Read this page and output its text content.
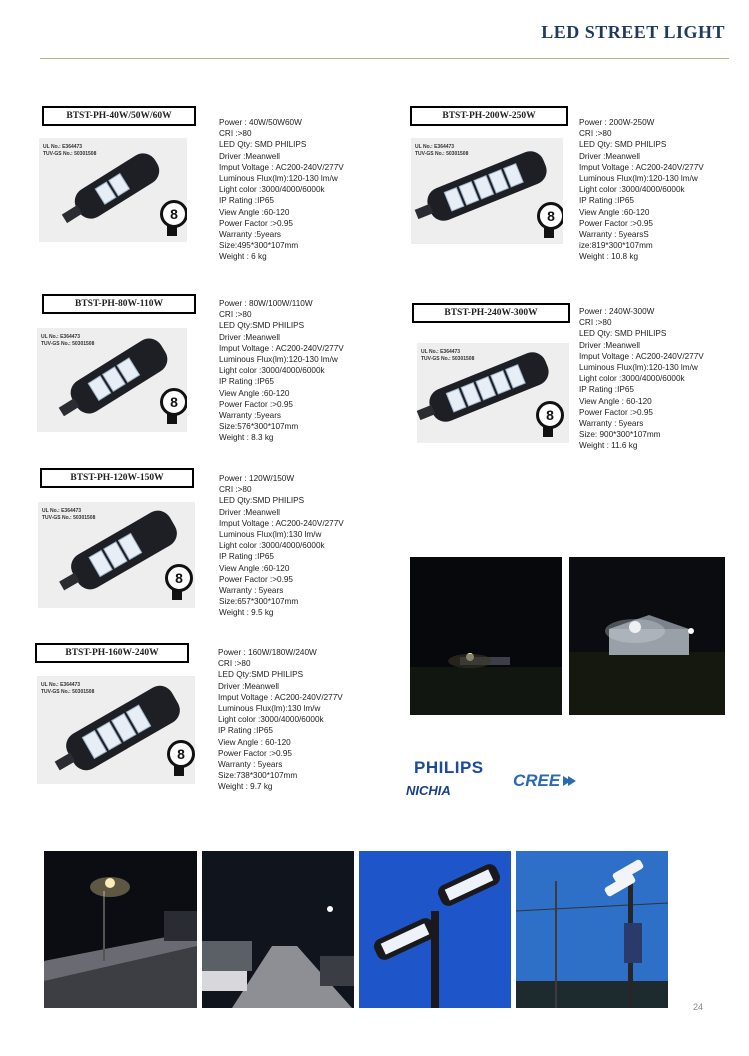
LED STREET LIGHT
BTST-PH-40W/50W/60W
UL No.: E364473
TUV-GS No.: 50301508
8
Power : 40W/50W60W
CRI :>80
LED Qty: SMD PHILIPS
Driver :Meanwell
Imput Voltage : AC200-240V/277V
Luminous Flux(lm):120-130 lm/w
Light color :3000/4000/6000k
IP Rating :IP65
View Angle :60-120
Power Factor :>0.95
Warranty :5years
Size:495*300*107mm
Weight : 6 kg
BTST-PH-80W-110W
UL No.: E364473
TUV-GS No.: 50301508
8
Power : 80W/100W/110W
CRI :>80
LED Qty:SMD PHILIPS
Driver :Meanwell
Imput Voltage : AC200-240V/277V
Luminous Flux(lm):120-130 lm/w
Light color :3000/4000/6000k
IP Rating :IP65
View Angle :60-120
Power Factor :>0.95
Warranty :5years
Size:576*300*107mm
Weight : 8.3 kg
BTST-PH-120W-150W
UL No.: E364473
TUV-GS No.: 50301508
8
Power : 120W/150W
CRI :>80
LED Qty:SMD PHILIPS
Driver :Meanwell
Imput Voltage : AC200-240V/277V
Luminous Flux(lm):130 lm/w
Light color :3000/4000/6000k
IP Rating :IP65
View Angle :60-120
Power Factor :>0.95
Warranty : 5years
Size:657*300*107mm
Weight : 9.5 kg
BTST-PH-160W-240W
UL No.: E364473
TUV-GS No.: 50301508
8
Power : 160W/180W/240W
CRI :>80
LED Qty:SMD PHILIPS
Driver :Meanwell
Imput Voltage : AC200-240V/277V
Luminous Flux(lm):130 lm/w
Light color :3000/4000/6000k
IP Rating :IP65
View Angle : 60-120
Power Factor :>0.95
Warranty : 5years
Size:738*300*107mm
Weight : 9.7 kg
BTST-PH-200W-250W
UL No.: E364473
TUV-GS No.: 50301508
8
Power : 200W-250W
CRI :>80
LED Qty: SMD PHILIPS
Driver :Meanwell
Imput Voltage : AC200-240V/277V
Luminous Flux(lm):120-130 lm/w
Light color :3000/4000/6000k
IP Rating :IP65
View Angle :60-120
Power Factor :>0.95
Warranty : 5yearsS
ize:819*300*107mm
Weight : 10.8 kg
BTST-PH-240W-300W
UL No.: E364473
TUV-GS No.: 50301508
8
Power : 240W-300W
CRI :>80
LED Qty: SMD PHILIPS
Driver :Meanwell
Imput Voltage : AC200-240V/277V
Luminous Flux(lm):120-130 lm/w
Light color :3000/4000/6000k
IP Rating :IP65
View Angle : 60-120
Power Factor :>0.95
Warranty : 5years
Size: 900*300*107mm
Weight : 11.6 kg
PHILIPS
NICHIA
CREE
24
